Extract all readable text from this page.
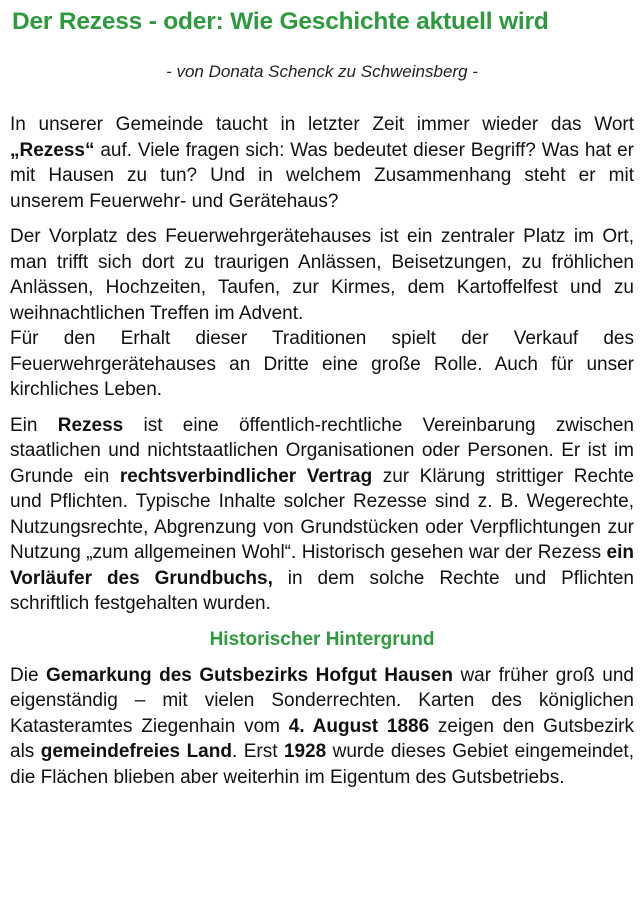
Der Rezess - oder: Wie Geschichte aktuell wird
- von Donata Schenck zu Schweinsberg -

In unserer Gemeinde taucht in letzter Zeit immer wieder das Wort „Rezess“ auf. Viele fragen sich: Was bedeutet dieser Begriff? Was hat er mit Hausen zu tun? Und in welchem Zusammenhang steht er mit unserem Feuerwehr- und Gerätehaus?

Der Vorplatz des Feuerwehrgerätehauses ist ein zentraler Platz im Ort, man trifft sich dort zu traurigen Anlässen, Beisetzungen, zu fröhlichen Anlässen, Hochzeiten, Taufen, zur Kirmes, dem Kartoffelfest und zu weihnachtlichen Treffen im Advent.

Für den Erhalt dieser Traditionen spielt der Verkauf des Feuerwehrgerätehauses an Dritte eine große Rolle. Auch für unser kirchliches Leben.

Ein Rezess ist eine öffentlich-rechtliche Vereinbarung zwischen staatlichen und nichtstaatlichen Organisationen oder Personen. Er ist im Grunde ein rechtsverbindlicher Vertrag zur Klärung strittiger Rechte und Pflichten. Typische Inhalte solcher Rezesse sind z. B. Wegerechte, Nutzungsrechte, Abgrenzung von Grundstücken oder Verpflichtungen zur Nutzung „zum allgemeinen Wohl“. Historisch gesehen war der Rezess ein Vorläufer des Grundbuchs, in dem solche Rechte und Pflichten schriftlich festgehalten wurden.

Historischer Hintergrund

Die Gemarkung des Gutsbezirks Hofgut Hausen war früher groß und eigenständig – mit vielen Sonderrechten. Karten des königlichen Katasteramtes Ziegenhain vom 4. August 1886 zeigen den Gutsbezirk als gemeindefreies Land. Erst 1928 wurde dieses Gebiet eingemeindet, die Flächen blieben aber weiterhin im Eigentum des Gutsbetriebs.
